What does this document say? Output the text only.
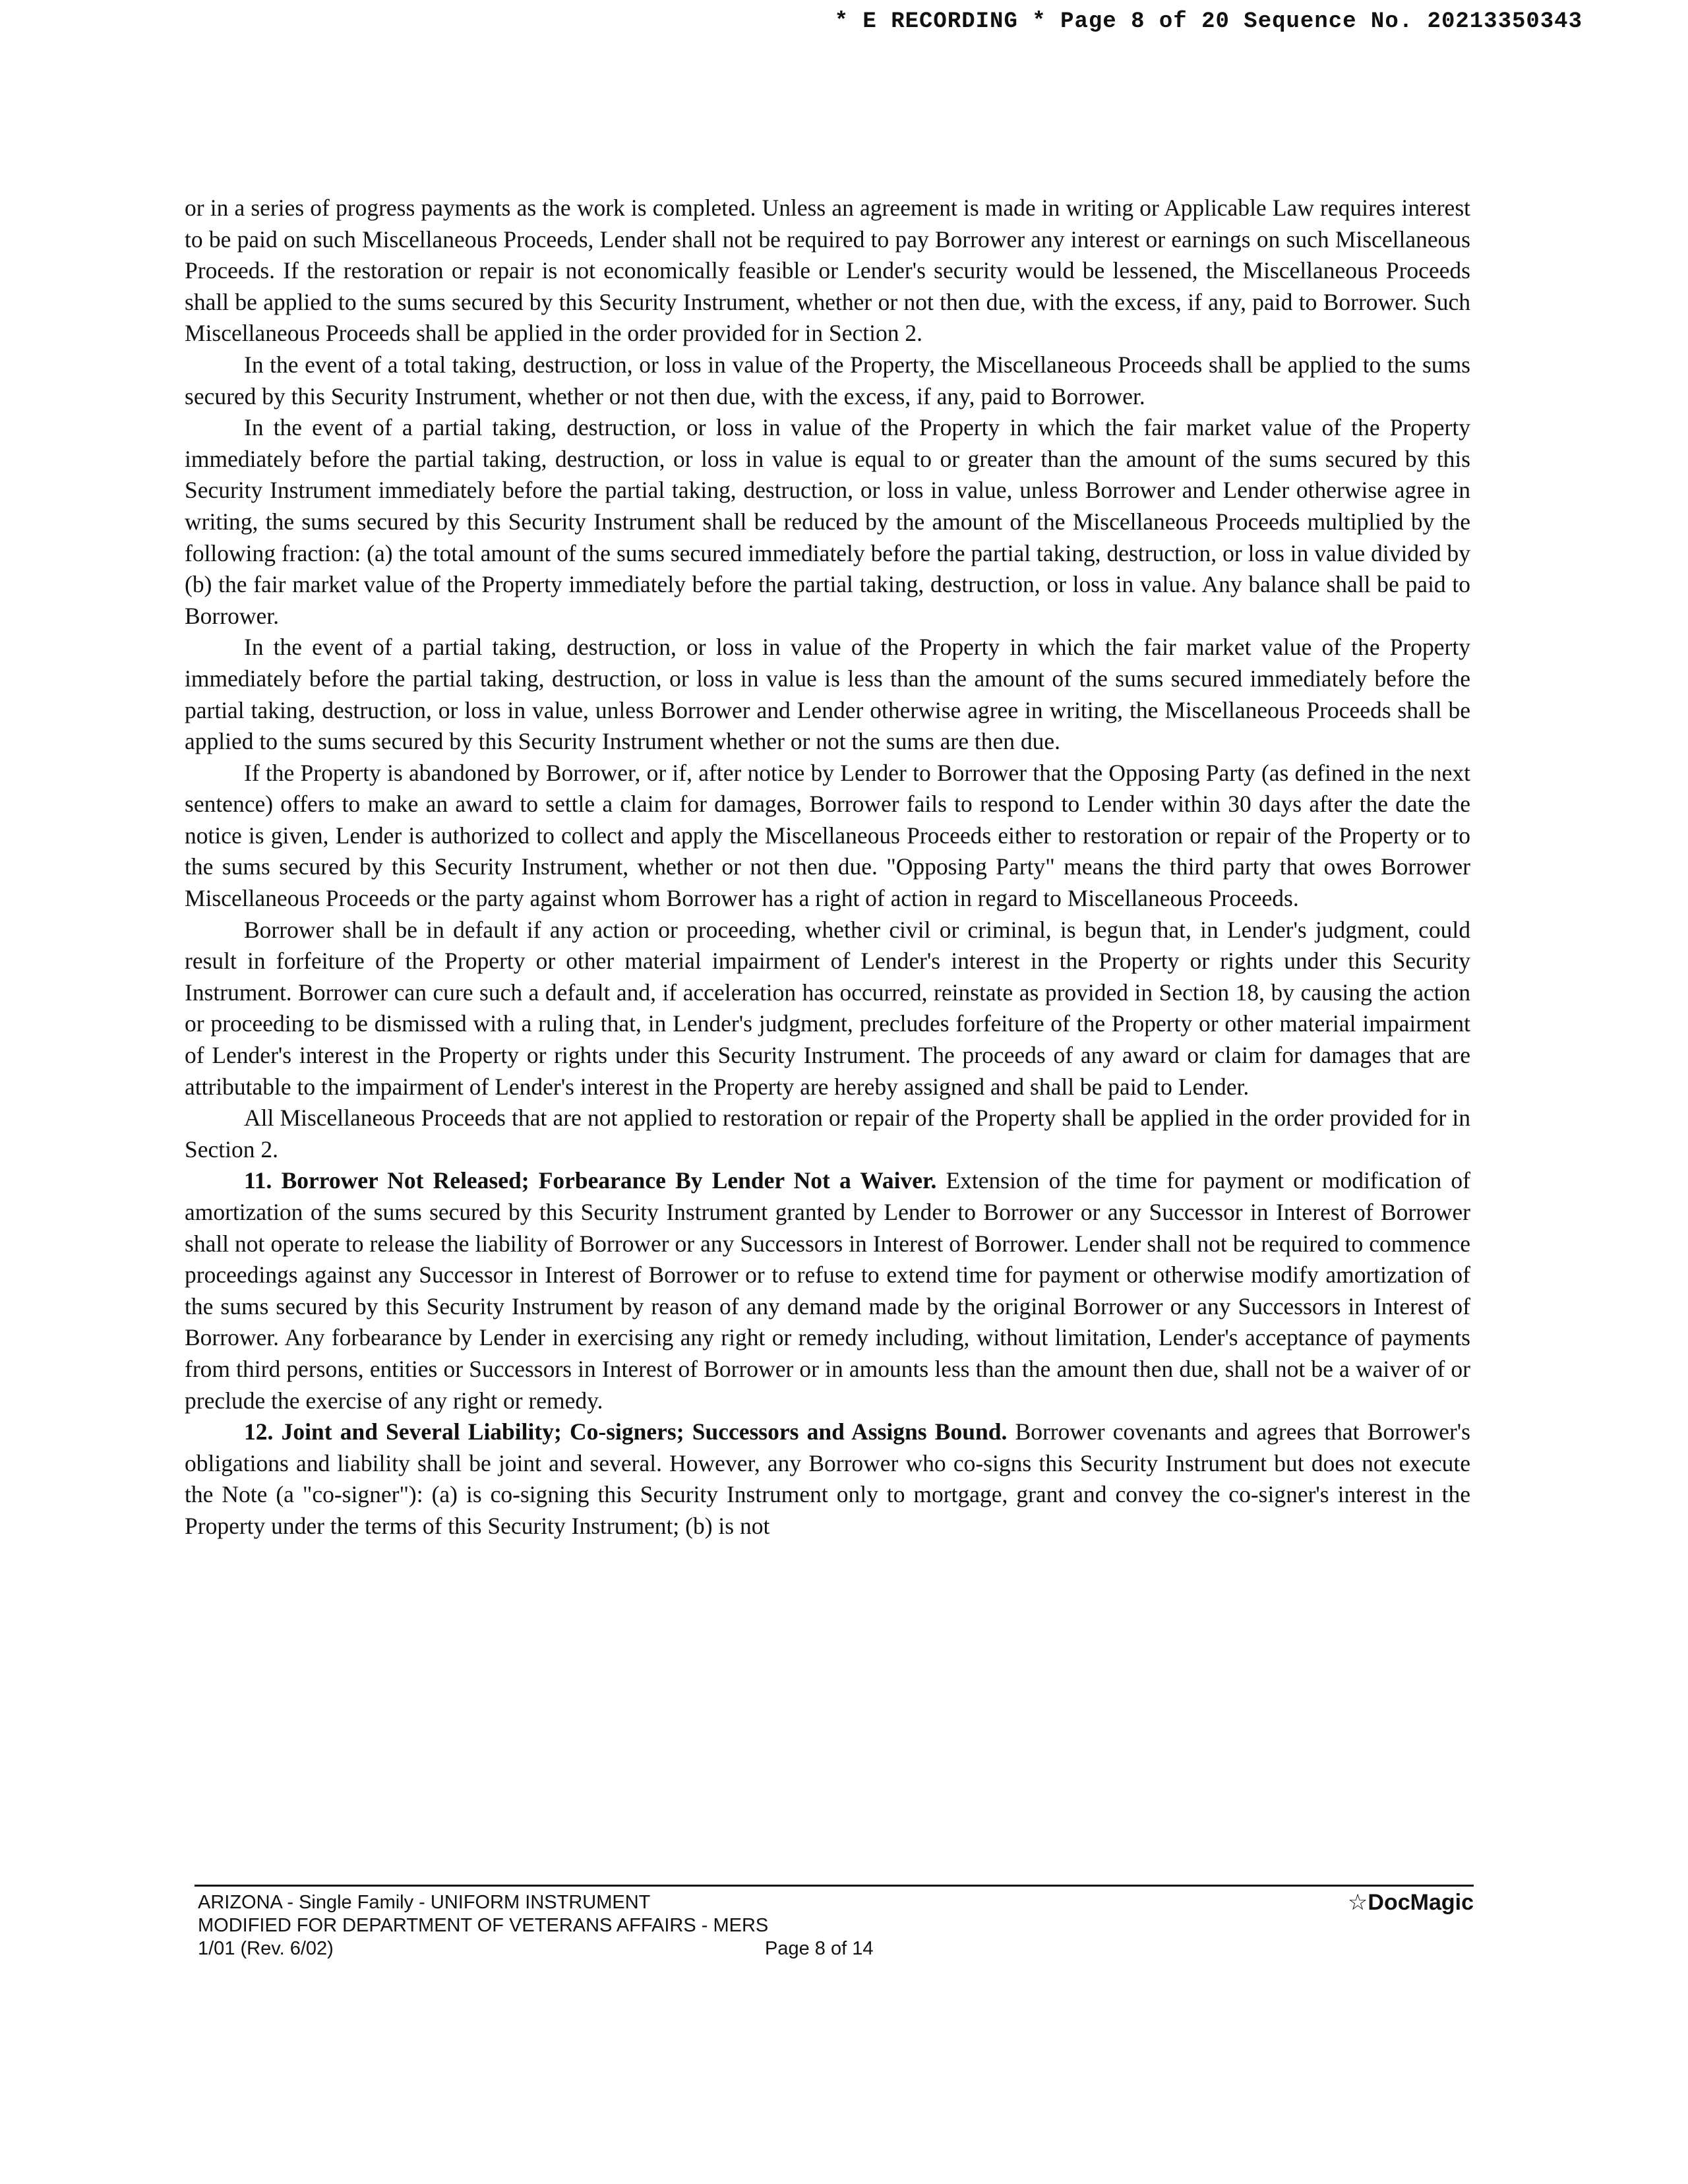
* E RECORDING * Page 8 of 20 Sequence No. 20213350343

or in a series of progress payments as the work is completed. Unless an agreement is made in writing or Applicable Law requires interest to be paid on such Miscellaneous Proceeds, Lender shall not be required to pay Borrower any interest or earnings on such Miscellaneous Proceeds. If the restoration or repair is not economically feasible or Lender's security would be lessened, the Miscellaneous Proceeds shall be applied to the sums secured by this Security Instrument, whether or not then due, with the excess, if any, paid to Borrower. Such Miscellaneous Proceeds shall be applied in the order provided for in Section 2.

In the event of a total taking, destruction, or loss in value of the Property, the Miscellaneous Proceeds shall be applied to the sums secured by this Security Instrument, whether or not then due, with the excess, if any, paid to Borrower.

In the event of a partial taking, destruction, or loss in value of the Property in which the fair market value of the Property immediately before the partial taking, destruction, or loss in value is equal to or greater than the amount of the sums secured by this Security Instrument immediately before the partial taking, destruction, or loss in value, unless Borrower and Lender otherwise agree in writing, the sums secured by this Security Instrument shall be reduced by the amount of the Miscellaneous Proceeds multiplied by the following fraction: (a) the total amount of the sums secured immediately before the partial taking, destruction, or loss in value divided by (b) the fair market value of the Property immediately before the partial taking, destruction, or loss in value. Any balance shall be paid to Borrower.

In the event of a partial taking, destruction, or loss in value of the Property in which the fair market value of the Property immediately before the partial taking, destruction, or loss in value is less than the amount of the sums secured immediately before the partial taking, destruction, or loss in value, unless Borrower and Lender otherwise agree in writing, the Miscellaneous Proceeds shall be applied to the sums secured by this Security Instrument whether or not the sums are then due.

If the Property is abandoned by Borrower, or if, after notice by Lender to Borrower that the Opposing Party (as defined in the next sentence) offers to make an award to settle a claim for damages, Borrower fails to respond to Lender within 30 days after the date the notice is given, Lender is authorized to collect and apply the Miscellaneous Proceeds either to restoration or repair of the Property or to the sums secured by this Security Instrument, whether or not then due. "Opposing Party" means the third party that owes Borrower Miscellaneous Proceeds or the party against whom Borrower has a right of action in regard to Miscellaneous Proceeds.

Borrower shall be in default if any action or proceeding, whether civil or criminal, is begun that, in Lender's judgment, could result in forfeiture of the Property or other material impairment of Lender's interest in the Property or rights under this Security Instrument. Borrower can cure such a default and, if acceleration has occurred, reinstate as provided in Section 18, by causing the action or proceeding to be dismissed with a ruling that, in Lender's judgment, precludes forfeiture of the Property or other material impairment of Lender's interest in the Property or rights under this Security Instrument. The proceeds of any award or claim for damages that are attributable to the impairment of Lender's interest in the Property are hereby assigned and shall be paid to Lender.

All Miscellaneous Proceeds that are not applied to restoration or repair of the Property shall be applied in the order provided for in Section 2.

11. Borrower Not Released; Forbearance By Lender Not a Waiver. Extension of the time for payment or modification of amortization of the sums secured by this Security Instrument granted by Lender to Borrower or any Successor in Interest of Borrower shall not operate to release the liability of Borrower or any Successors in Interest of Borrower. Lender shall not be required to commence proceedings against any Successor in Interest of Borrower or to refuse to extend time for payment or otherwise modify amortization of the sums secured by this Security Instrument by reason of any demand made by the original Borrower or any Successors in Interest of Borrower. Any forbearance by Lender in exercising any right or remedy including, without limitation, Lender's acceptance of payments from third persons, entities or Successors in Interest of Borrower or in amounts less than the amount then due, shall not be a waiver of or preclude the exercise of any right or remedy.

12. Joint and Several Liability; Co-signers; Successors and Assigns Bound. Borrower covenants and agrees that Borrower's obligations and liability shall be joint and several. However, any Borrower who co-signs this Security Instrument but does not execute the Note (a "co-signer"): (a) is co-signing this Security Instrument only to mortgage, grant and convey the co-signer's interest in the Property under the terms of this Security Instrument; (b) is not

ARIZONA - Single Family - UNIFORM INSTRUMENT
MODIFIED FOR DEPARTMENT OF VETERANS AFFAIRS - MERS
1/01 (Rev. 6/02)	Page 8 of 14
☆DocMagic
